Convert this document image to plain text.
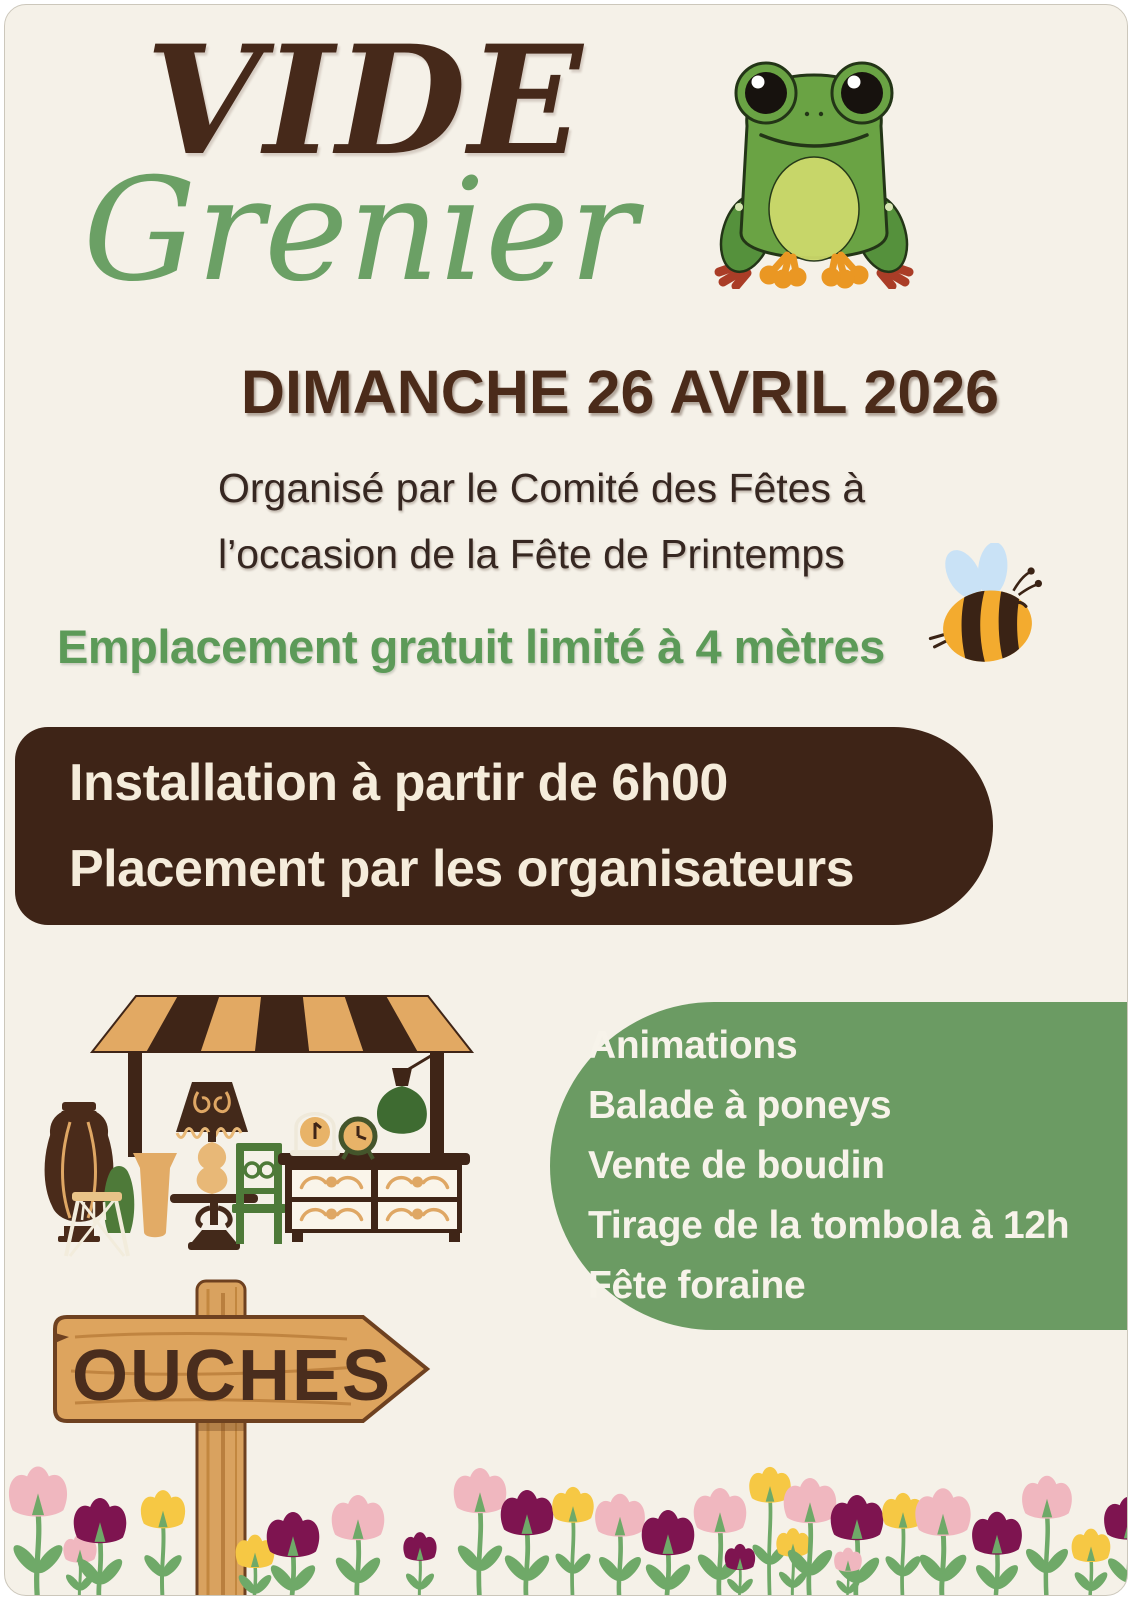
VIDE
Grenier
DIMANCHE 26 AVRIL 2026
Organisé par le Comité des Fêtes à
l’occasion de la Fête de Printemps
Emplacement gratuit limité à 4 mètres
Installation à partir de 6h00
Placement par les organisateurs
Animations
Balade à poneys
Vente de boudin
Tirage de la tombola à 12h
Fête foraine
OUCHES
